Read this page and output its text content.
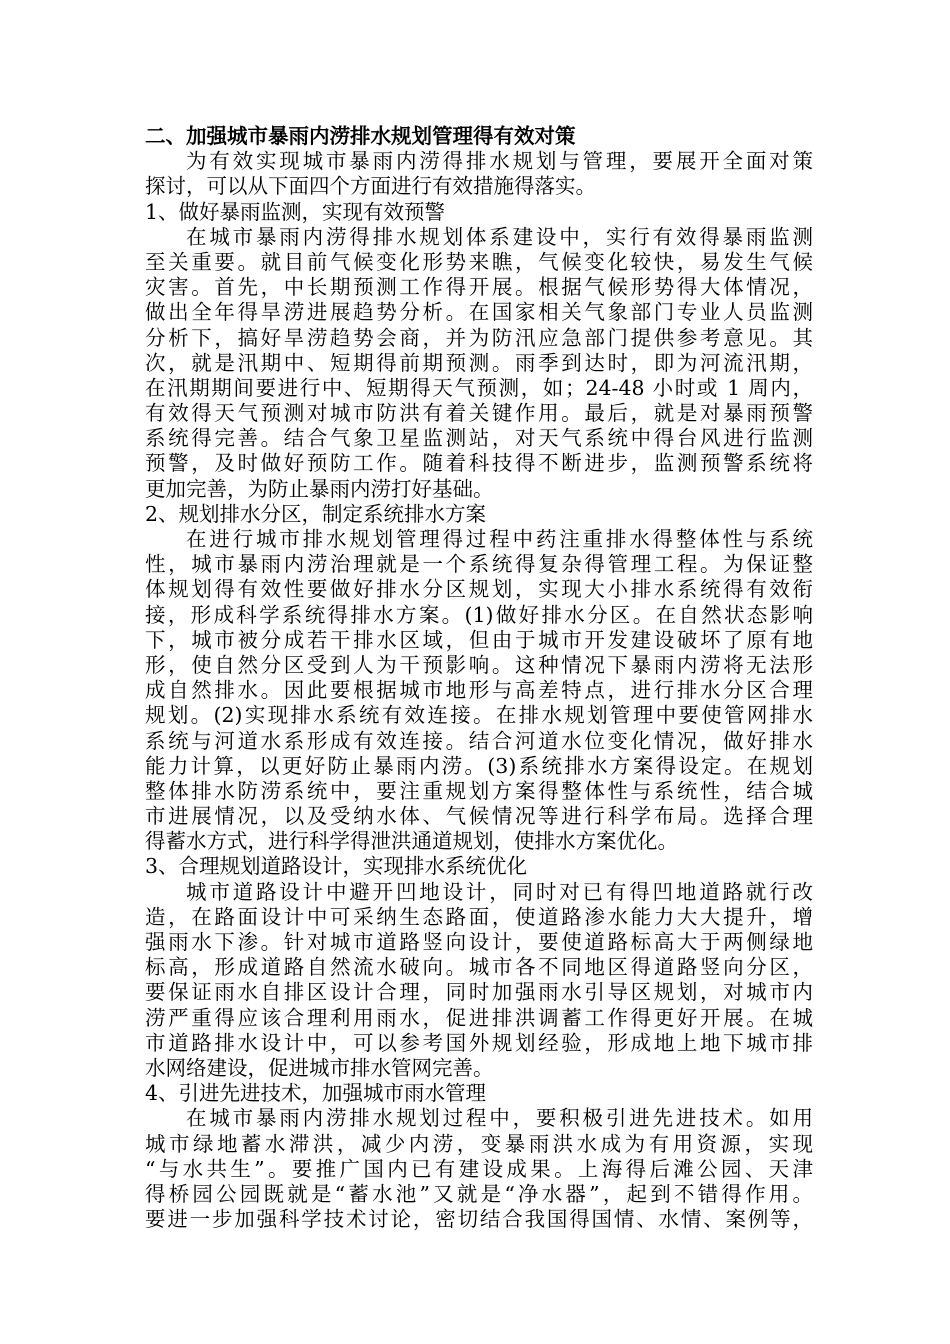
二、加强城市暴雨内涝排水规划管理得有效对策
为有效实现城市暴雨内涝得排水规划与管理，要展开全面对策
探讨，可以从下面四个方面进行有效措施得落实。
1、做好暴雨监测，实现有效预警
在城市暴雨内涝得排水规划体系建设中，实行有效得暴雨监测
至关重要。就目前气候变化形势来瞧，气候变化较快，易发生气候
灾害。首先，中长期预测工作得开展。根据气候形势得大体情况，
做出全年得旱涝进展趋势分析。在国家相关气象部门专业人员监测
分析下，搞好旱涝趋势会商，并为防汛应急部门提供参考意见。其
次，就是汛期中、短期得前期预测。雨季到达时，即为河流汛期，
在汛期期间要进行中、短期得天气预测，如；24-48 小时或 1 周内，
有效得天气预测对城市防洪有着关键作用。最后，就是对暴雨预警
系统得完善。结合气象卫星监测站，对天气系统中得台风进行监测
预警，及时做好预防工作。随着科技得不断进步，监测预警系统将
更加完善，为防止暴雨内涝打好基础。
2、规划排水分区，制定系统排水方案
在进行城市排水规划管理得过程中药注重排水得整体性与系统
性，城市暴雨内涝治理就是一个系统得复杂得管理工程。为保证整
体规划得有效性要做好排水分区规划，实现大小排水系统得有效衔
接，形成科学系统得排水方案。(1)做好排水分区。在自然状态影响
下，城市被分成若干排水区域，但由于城市开发建设破坏了原有地
形，使自然分区受到人为干预影响。这种情况下暴雨内涝将无法形
成自然排水。因此要根据城市地形与高差特点，进行排水分区合理
规划。(2)实现排水系统有效连接。在排水规划管理中要使管网排水
系统与河道水系形成有效连接。结合河道水位变化情况，做好排水
能力计算，以更好防止暴雨内涝。(3)系统排水方案得设定。在规划
整体排水防涝系统中，要注重规划方案得整体性与系统性，结合城
市进展情况，以及受纳水体、气候情况等进行科学布局。选择合理
得蓄水方式，进行科学得泄洪通道规划，使排水方案优化。
3、合理规划道路设计，实现排水系统优化
城市道路设计中避开凹地设计，同时对已有得凹地道路就行改
造，在路面设计中可采纳生态路面，使道路渗水能力大大提升，增
强雨水下渗。针对城市道路竖向设计，要使道路标高大于两侧绿地
标高，形成道路自然流水破向。城市各不同地区得道路竖向分区，
要保证雨水自排区设计合理，同时加强雨水引导区规划，对城市内
涝严重得应该合理利用雨水，促进排洪调蓄工作得更好开展。在城
市道路排水设计中，可以参考国外规划经验，形成地上地下城市排
水网络建设，促进城市排水管网完善。
4、引进先进技术，加强城市雨水管理
在城市暴雨内涝排水规划过程中，要积极引进先进技术。如用
城市绿地蓄水滞洪，减少内涝，变暴雨洪水成为有用资源，实现
“与水共生”。要推广国内已有建设成果。上海得后滩公园、天津
得桥园公园既就是“蓄水池”又就是“净水器”，起到不错得作用。
要进一步加强科学技术讨论，密切结合我国得国情、水情、案例等，
